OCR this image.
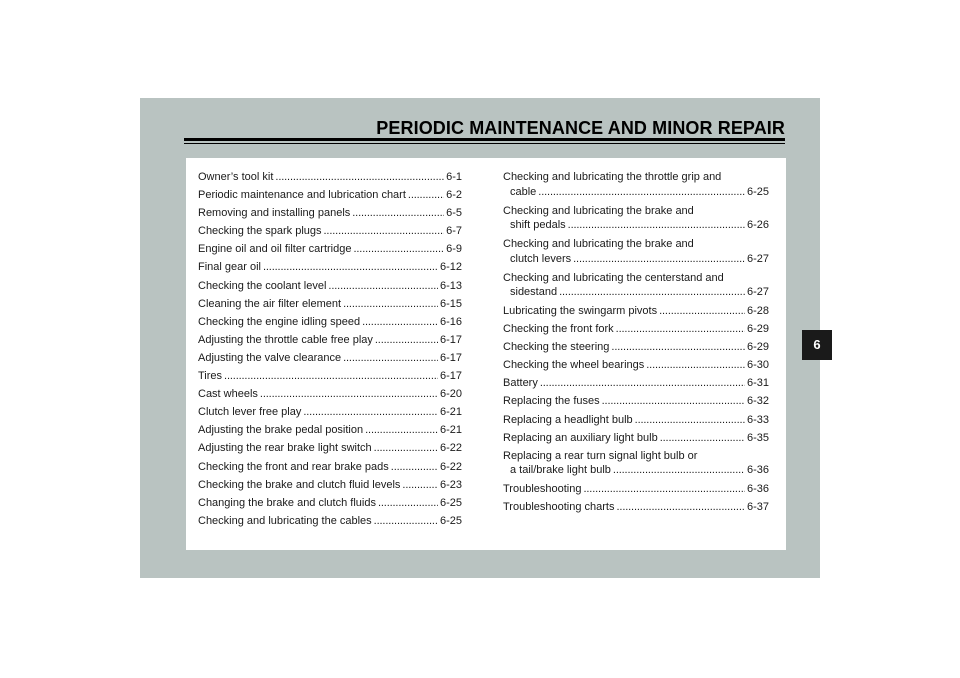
PERIODIC MAINTENANCE AND MINOR REPAIR
Owner’s tool kit . . .	6-1
Periodic maintenance and lubrication chart . . .	6-2
Removing and installing panels . . .	6-5
Checking the spark plugs . . .	6-7
Engine oil and oil filter cartridge . . .	6-9
Final gear oil . . .	6-12
Checking the coolant level . . .	6-13
Cleaning the air filter element . . .	6-15
Checking the engine idling speed . . .	6-16
Adjusting the throttle cable free play . . .	6-17
Adjusting the valve clearance . . .	6-17
Tires . . .	6-17
Cast wheels . . .	6-20
Clutch lever free play . . .	6-21
Adjusting the brake pedal position . . .	6-21
Adjusting the rear brake light switch . . .	6-22
Checking the front and rear brake pads . . .	6-22
Checking the brake and clutch fluid levels . . .	6-23
Changing the brake and clutch fluids . . .	6-25
Checking and lubricating the cables . . .	6-25
Checking and lubricating the throttle grip and
cable . . .	6-25
Checking and lubricating the brake and
shift pedals . . .	6-26
Checking and lubricating the brake and
clutch levers . . .	6-27
Checking and lubricating the centerstand and
sidestand . . .	6-27
Lubricating the swingarm pivots . . .	6-28
Checking the front fork . . .	6-29
Checking the steering . . .	6-29
Checking the wheel bearings . . .	6-30
Battery . . .	6-31
Replacing the fuses . . .	6-32
Replacing a headlight bulb . . .	6-33
Replacing an auxiliary light bulb . . .	6-35
Replacing a rear turn signal light bulb or
a tail/brake light bulb . . .	6-36
Troubleshooting . . .	6-36
Troubleshooting charts . . .	6-37
6
